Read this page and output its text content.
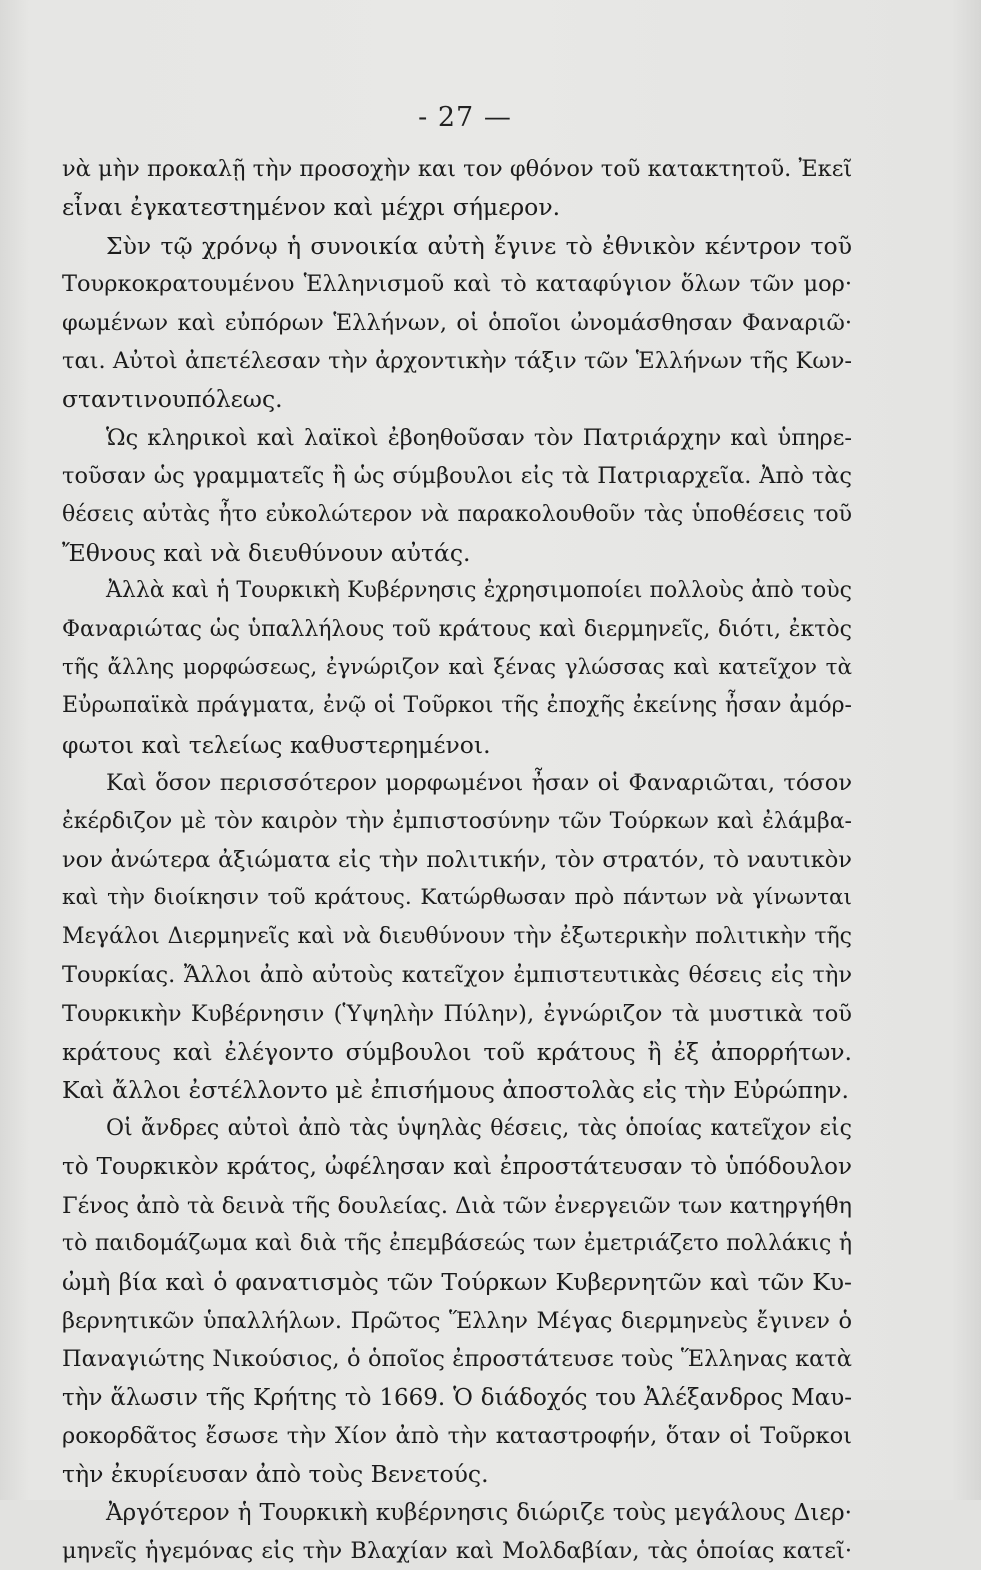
- 27 —
νὰ μὴν προκαλῇ τὴν προσοχὴν και τον φθόνον τοῦ κατακτητοῦ. Ἐκεῖ
εἶναι ἐγκατεστημένον καὶ μέχρι σήμερον.
Σὺν τῷ χρόνῳ ἡ συνοικία αὐτὴ ἔγινε τὸ ἐθνικὸν κέντρον τοῦ
Τουρκοκρατουμένου Ἑλληνισμοῦ καὶ τὸ καταφύγιον ὅλων τῶν μορ·
φωμένων καὶ εὐπόρων Ἑλλήνων, οἱ ὁποῖοι ὠνομάσθησαν Φαναριῶ·
ται. Αὐτοὶ ἀπετέλεσαν τὴν ἀρχοντικὴν τάξιν τῶν Ἑλλήνων τῆς Κων-
σταντινουπόλεως.
Ὡς κληρικοὶ καὶ λαϊκοὶ ἐβοηθοῦσαν τὸν Πατριάρχην καὶ ὑπηρε-
τοῦσαν ὡς γραμματεῖς ἢ ὡς σύμβουλοι εἰς τὰ Πατριαρχεῖα. Ἀπὸ τὰς
θέσεις αὐτὰς ἦτο εὐκολώτερον νὰ παρακολουθοῦν τὰς ὑποθέσεις τοῦ
Ἔθνους καὶ νὰ διευθύνουν αὐτάς.
Ἀλλὰ καὶ ἡ Τουρκικὴ Κυβέρνησις ἐχρησιμοποίει πολλοὺς ἀπὸ τοὺς
Φαναριώτας ὡς ὑπαλλήλους τοῦ κράτους καὶ διερμηνεῖς, διότι, ἐκτὸς
τῆς ἄλλης μορφώσεως, ἐγνώριζον καὶ ξένας γλώσσας καὶ κατεῖχον τὰ
Εὐρωπαϊκὰ πράγματα, ἐνῷ οἱ Τοῦρκοι τῆς ἐποχῆς ἐκείνης ἦσαν ἀμόρ-
φωτοι καὶ τελείως καθυστερημένοι.
Καὶ ὅσον περισσότερον μορφωμένοι ἦσαν οἱ Φαναριῶται, τόσον
ἐκέρδιζον μὲ τὸν καιρὸν τὴν ἐμπιστοσύνην τῶν Τούρκων καὶ ἐλάμβα-
νον ἀνώτερα ἀξιώματα εἰς τὴν πολιτικήν, τὸν στρατόν, τὸ ναυτικὸν
καὶ τὴν διοίκησιν τοῦ κράτους. Κατώρθωσαν πρὸ πάντων νὰ γίνωνται
Μεγάλοι Διερμηνεῖς καὶ νὰ διευθύνουν τὴν ἐξωτερικὴν πολιτικὴν τῆς
Τουρκίας. Ἄλλοι ἀπὸ αὐτοὺς κατεῖχον ἐμπιστευτικὰς θέσεις εἰς τὴν
Τουρκικὴν Κυβέρνησιν (Ὑψηλὴν Πύλην), ἐγνώριζον τὰ μυστικὰ τοῦ
κράτους καὶ ἐλέγοντο σύμβουλοι τοῦ κράτους ἢ ἐξ ἀπορρήτων.
Καὶ ἄλλοι ἐστέλλοντο μὲ ἐπισήμους ἀποστολὰς εἰς τὴν Εὐρώπην.
Οἱ ἄνδρες αὐτοὶ ἀπὸ τὰς ὑψηλὰς θέσεις, τὰς ὁποίας κατεῖχον εἰς
τὸ Τουρκικὸν κράτος, ὠφέλησαν καὶ ἐπροστάτευσαν τὸ ὑπόδουλον
Γένος ἀπὸ τὰ δεινὰ τῆς δουλείας. Διὰ τῶν ἐνεργειῶν των κατηργήθη
τὸ παιδομάζωμα καὶ διὰ τῆς ἐπεμβάσεώς των ἐμετριάζετο πολλάκις ἡ
ὠμὴ βία καὶ ὁ φανατισμὸς τῶν Τούρκων Κυβερνητῶν καὶ τῶν Κυ-
βερνητικῶν ὑπαλλήλων. Πρῶτος Ἕλλην Μέγας διερμηνεὺς ἔγινεν ὁ
Παναγιώτης Νικούσιος, ὁ ὁποῖος ἐπροστάτευσε τοὺς Ἕλληνας κατὰ
τὴν ἅλωσιν τῆς Κρήτης τὸ 1669. Ὁ διάδοχός του Ἀλέξανδρος Μαυ-
ροκορδᾶτος ἔσωσε τὴν Χίον ἀπὸ τὴν καταστροφήν, ὅταν οἱ Τοῦρκοι
τὴν ἐκυρίευσαν ἀπὸ τοὺς Βενετούς.
Ἀργότερον ἡ Τουρκικὴ κυβέρνησις διώριζε τοὺς μεγάλους Διερ·
μηνεῖς ἡγεμόνας εἰς τὴν Βλαχίαν καὶ Μολδαβίαν, τὰς ὁποίας κατεῖ·
